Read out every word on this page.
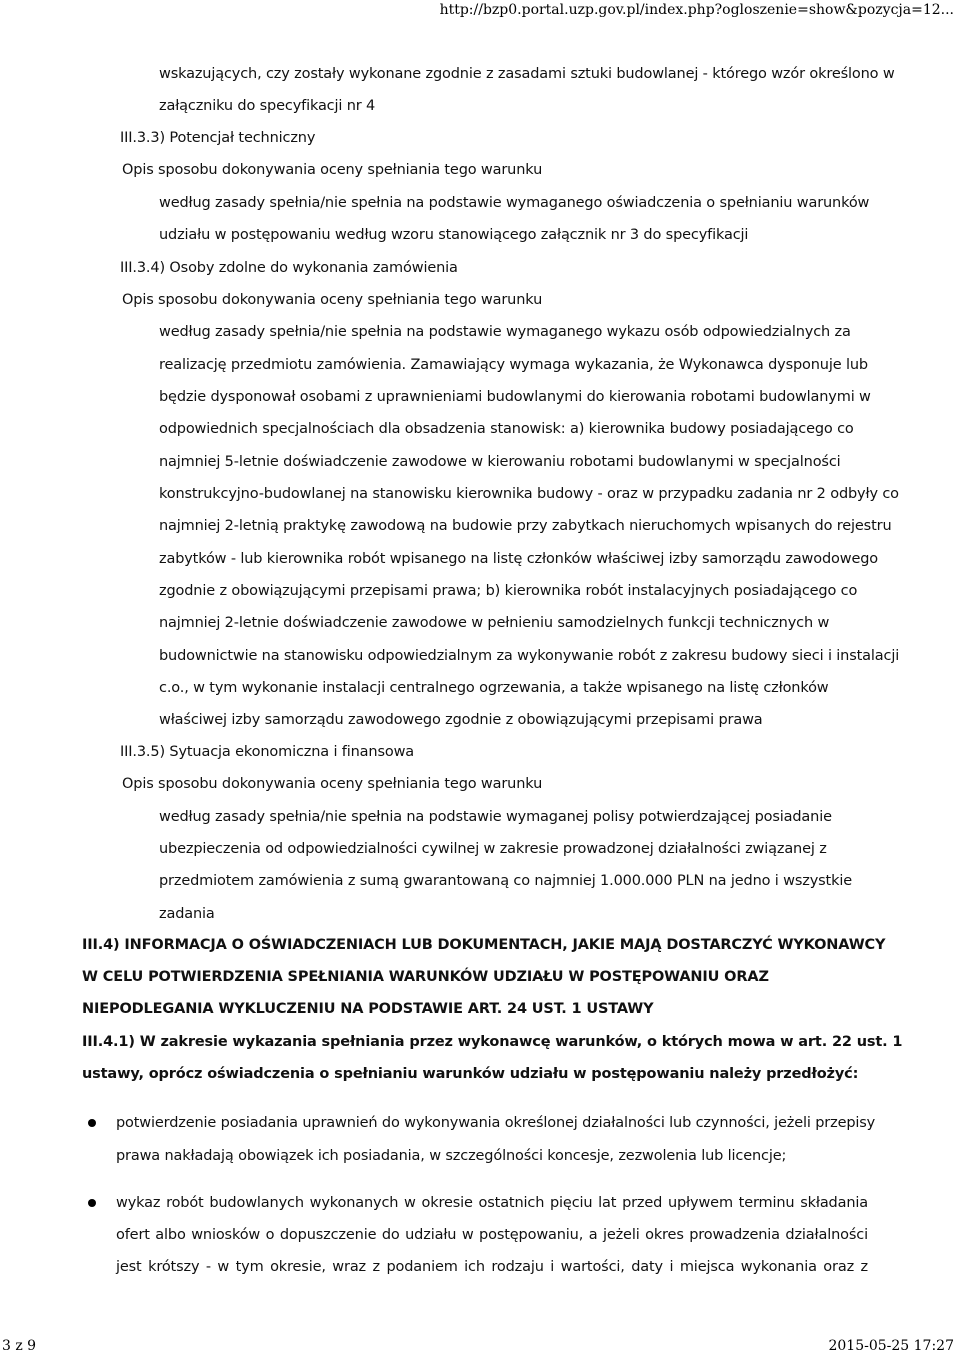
http://bzp0.portal.uzp.gov.pl/index.php?ogloszenie=show&pozycja=12...
wskazujących, czy zostały wykonane zgodnie z zasadami sztuki budowlanej - którego wzór określono w
załączniku do specyfikacji nr 4
III.3.3) Potencjał techniczny
Opis sposobu dokonywania oceny spełniania tego warunku
według zasady spełnia/nie spełnia na podstawie wymaganego oświadczenia o spełnianiu warunków
udziału w postępowaniu według wzoru stanowiącego załącznik nr 3 do specyfikacji
III.3.4) Osoby zdolne do wykonania zamówienia
Opis sposobu dokonywania oceny spełniania tego warunku
według zasady spełnia/nie spełnia na podstawie wymaganego wykazu osób odpowiedzialnych za
realizację przedmiotu zamówienia. Zamawiający wymaga wykazania, że Wykonawca dysponuje lub
będzie dysponował osobami z uprawnieniami budowlanymi do kierowania robotami budowlanymi w
odpowiednich specjalnościach dla obsadzenia stanowisk: a) kierownika budowy posiadającego co
najmniej 5-letnie doświadczenie zawodowe w kierowaniu robotami budowlanymi w specjalności
konstrukcyjno-budowlanej na stanowisku kierownika budowy - oraz w przypadku zadania nr 2 odbyły co
najmniej 2-letnią praktykę zawodową na budowie przy zabytkach nieruchomych wpisanych do rejestru
zabytków - lub kierownika robót wpisanego na listę członków właściwej izby samorządu zawodowego
zgodnie z obowiązującymi przepisami prawa; b) kierownika robót instalacyjnych posiadającego co
najmniej 2-letnie doświadczenie zawodowe w pełnieniu samodzielnych funkcji technicznych w
budownictwie na stanowisku odpowiedzialnym za wykonywanie robót z zakresu budowy sieci i instalacji
c.o., w tym wykonanie instalacji centralnego ogrzewania, a także wpisanego na listę członków
właściwej izby samorządu zawodowego zgodnie z obowiązującymi przepisami prawa
III.3.5) Sytuacja ekonomiczna i finansowa
Opis sposobu dokonywania oceny spełniania tego warunku
według zasady spełnia/nie spełnia na podstawie wymaganej polisy potwierdzającej posiadanie
ubezpieczenia od odpowiedzialności cywilnej w zakresie prowadzonej działalności związanej z
przedmiotem zamówienia z sumą gwarantowaną co najmniej 1.000.000 PLN na jedno i wszystkie
zadania
III.4) INFORMACJA O OŚWIADCZENIACH LUB DOKUMENTACH, JAKIE MAJĄ DOSTARCZYĆ WYKONAWCY
W CELU POTWIERDZENIA SPEŁNIANIA WARUNKÓW UDZIAŁU W POSTĘPOWANIU ORAZ
NIEPODLEGANIA WYKLUCZENIU NA PODSTAWIE ART. 24 UST. 1 USTAWY
III.4.1) W zakresie wykazania spełniania przez wykonawcę warunków, o których mowa w art. 22 ust. 1
ustawy, oprócz oświadczenia o spełnianiu warunków udziału w postępowaniu należy przedłożyć:
potwierdzenie posiadania uprawnień do wykonywania określonej działalności lub czynności, jeżeli przepisy
prawa nakładają obowiązek ich posiadania, w szczególności koncesje, zezwolenia lub licencje;
wykaz robót budowlanych wykonanych w okresie ostatnich pięciu lat przed upływem terminu składania
ofert albo wniosków o dopuszczenie do udziału w postępowaniu, a jeżeli okres prowadzenia działalności
jest krótszy - w tym okresie, wraz z podaniem ich rodzaju i wartości, daty i miejsca wykonania oraz z
3 z 9	2015-05-25 17:27
